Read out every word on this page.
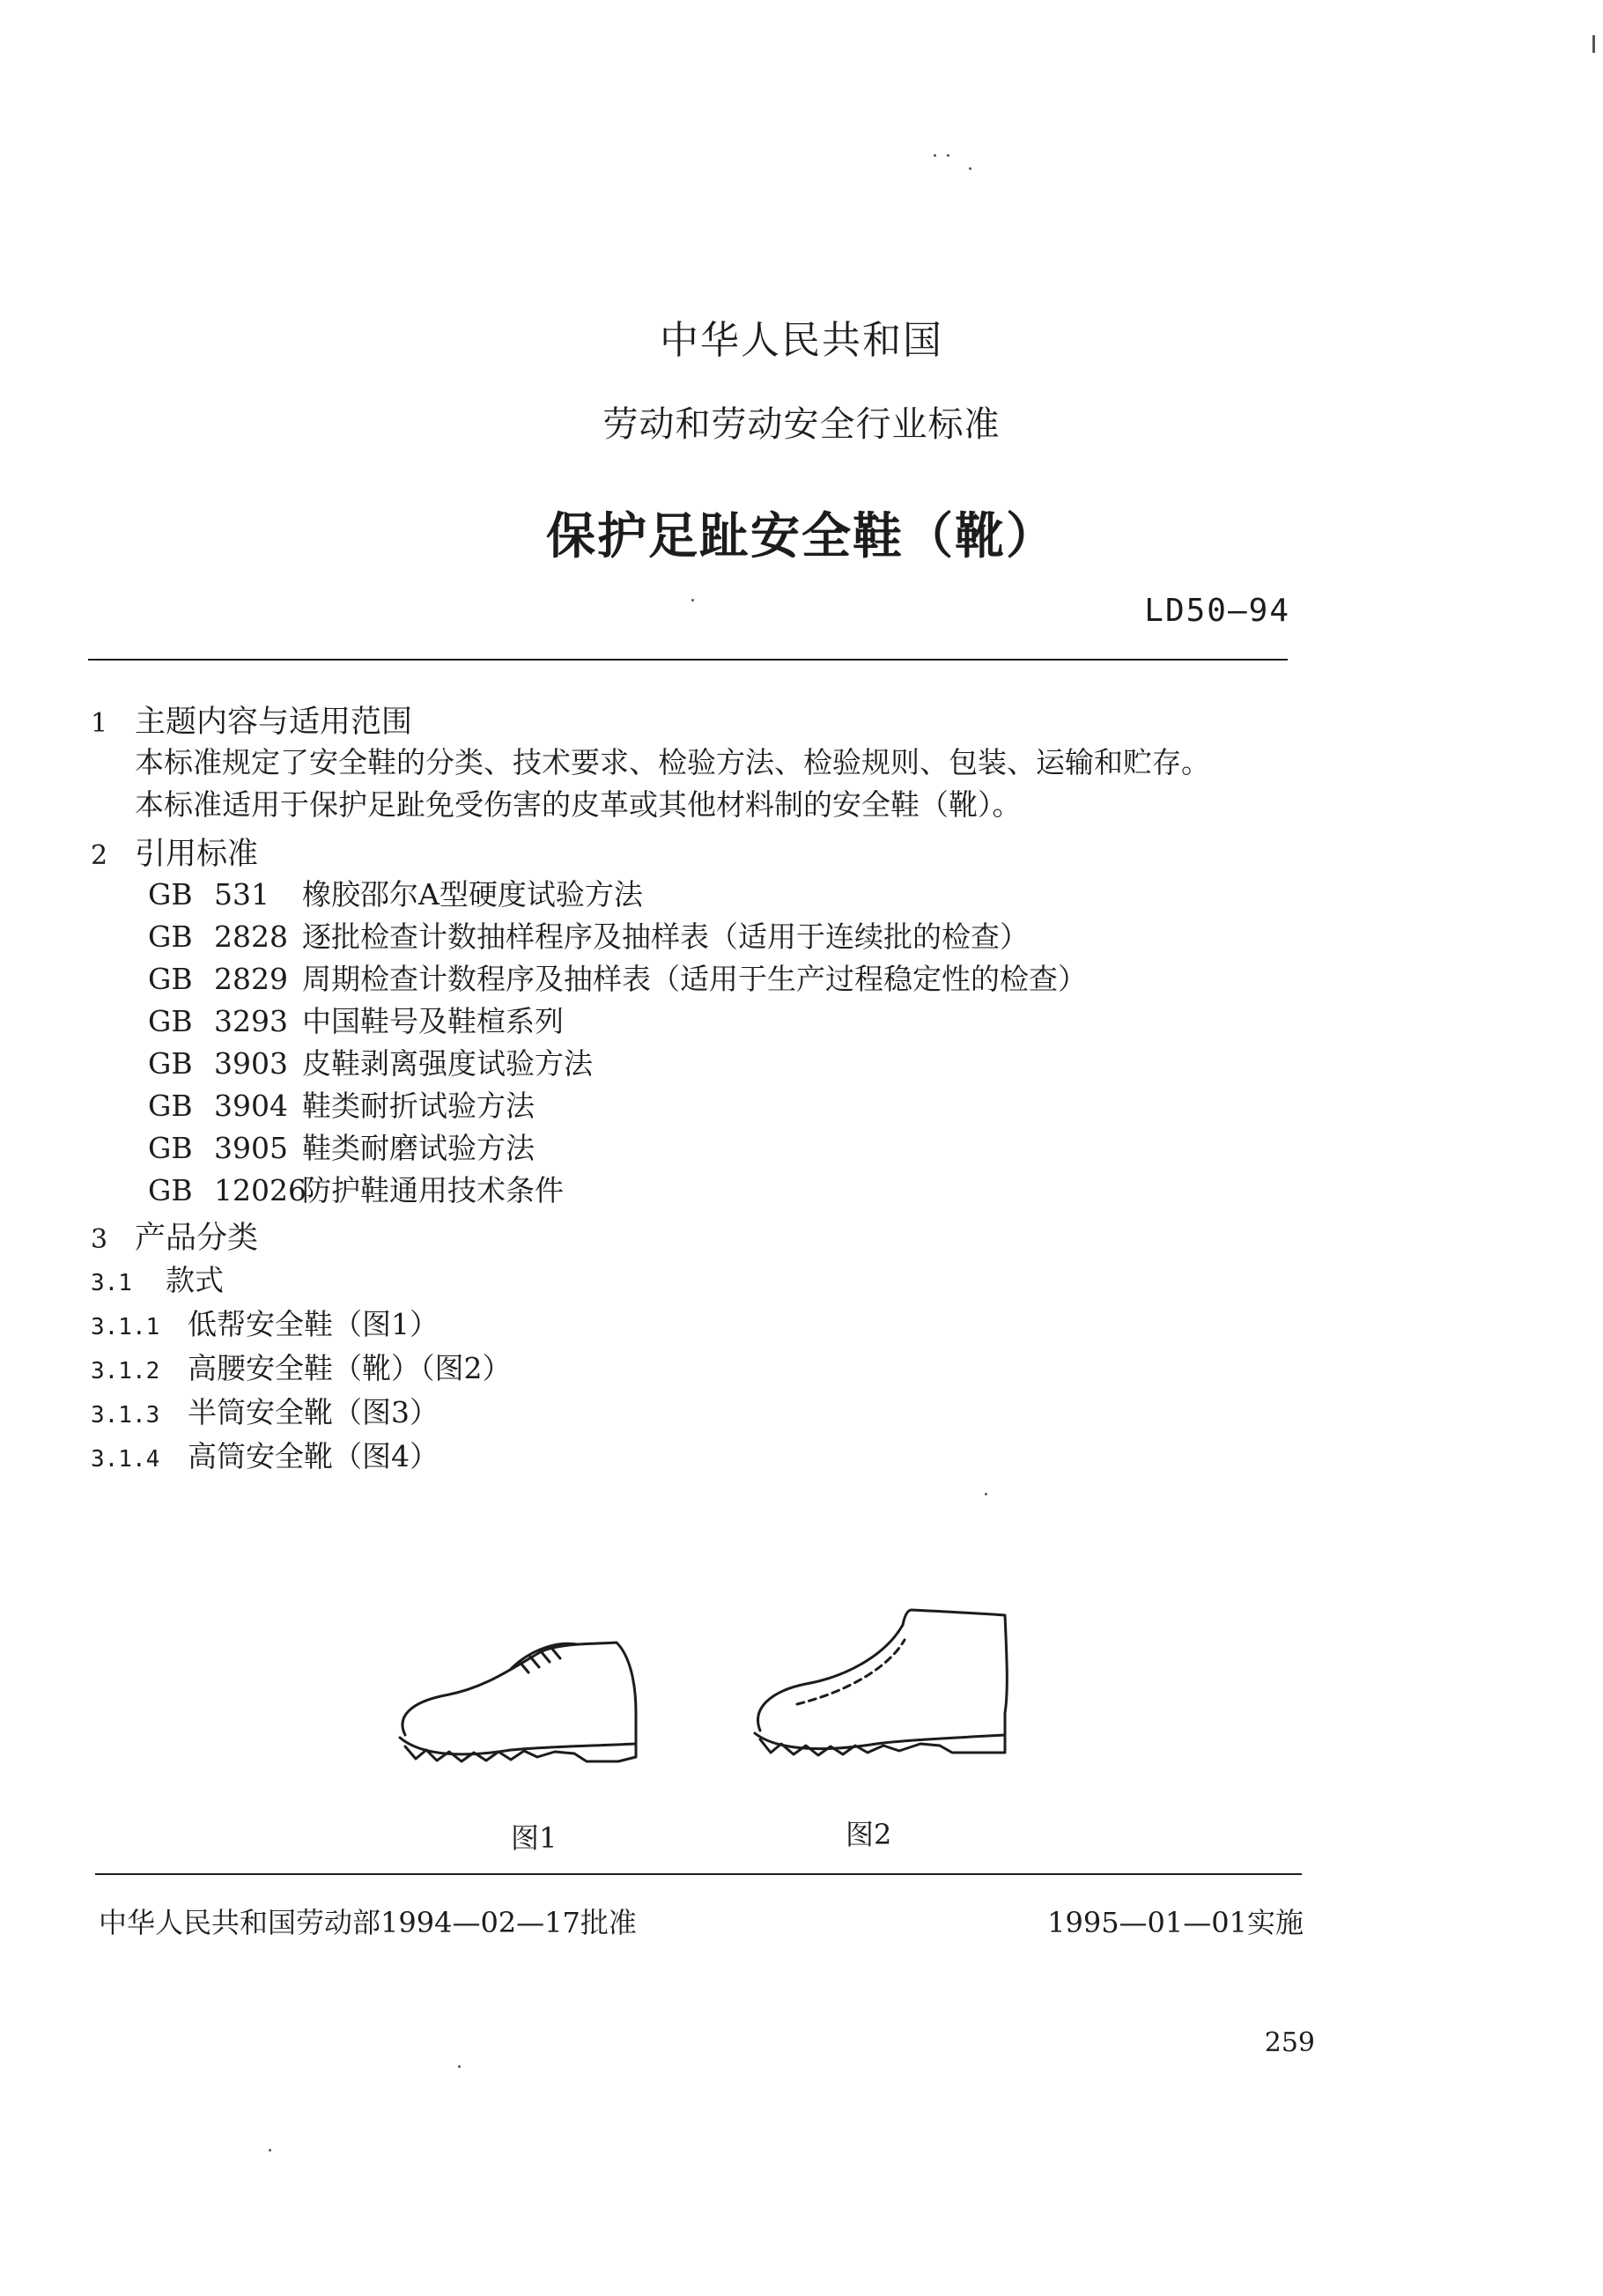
中华人民共和国
劳动和劳动安全行业标准
保护足趾安全鞋（靴）
LD50—94
1 主题内容与适用范围
本标准规定了安全鞋的分类、技术要求、检验方法、检验规则、包装、运输和贮存。
本标准适用于保护足趾免受伤害的皮革或其他材料制的安全鞋（靴）。
2 引用标准
GB 531 橡胶邵尔A型硬度试验方法
GB 2828 逐批检查计数抽样程序及抽样表（适用于连续批的检查）
GB 2829 周期检查计数程序及抽样表（适用于生产过程稳定性的检查）
GB 3293 中国鞋号及鞋楦系列
GB 3903 皮鞋剥离强度试验方法
GB 3904 鞋类耐折试验方法
GB 3905 鞋类耐磨试验方法
GB 12026防护鞋通用技术条件
3 产品分类
3.1 款式
3.1.1 低帮安全鞋（图1）
3.1.2 高腰安全鞋（靴）（图2）
3.1.3 半筒安全靴（图3）
3.1.4 高筒安全靴（图4）
图1	图2
中华人民共和国劳动部1994—02—17批准	1995—01—01实施
259
